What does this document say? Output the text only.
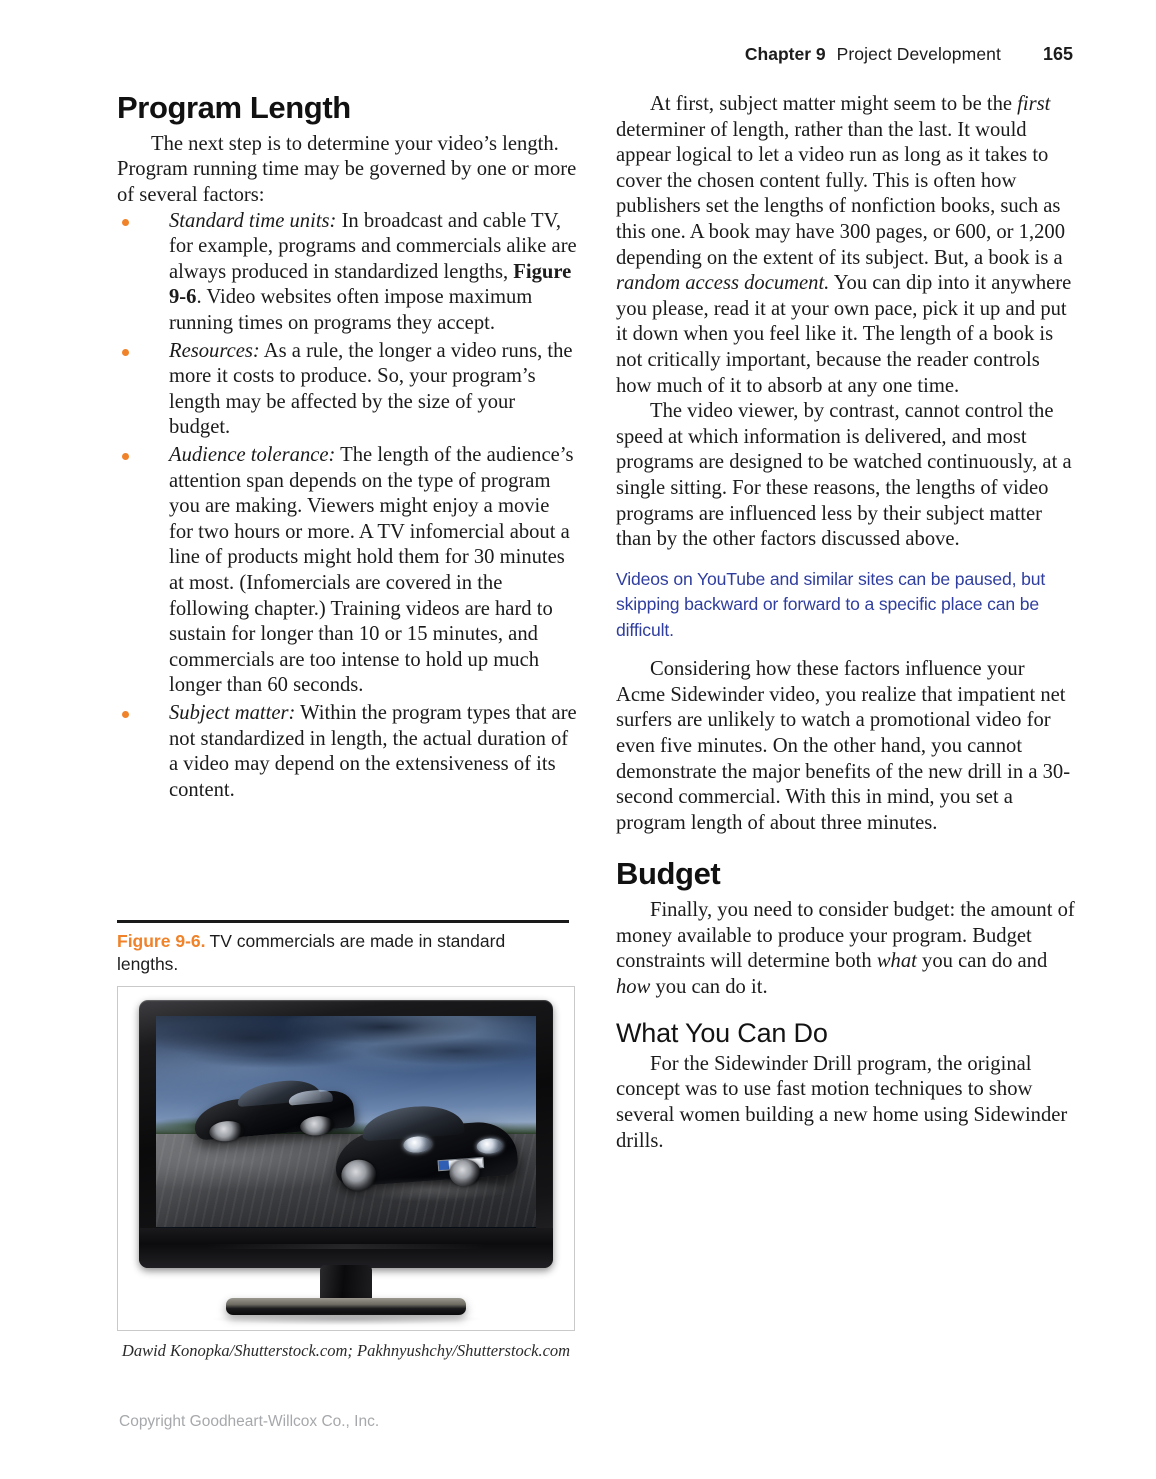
Chapter 9 Project Development 165
Program Length

The next step is to determine your video’s length. Program running time may be governed by one or more of several factors:

Standard time units: In broadcast and cable TV, for example, programs and commercials alike are always produced in standardized lengths, Figure 9-6. Video websites often impose maximum running times on programs they accept.
Resources: As a rule, the longer a video runs, the more it costs to produce. So, your program’s length may be affected by the size of your budget.
Audience tolerance: The length of the audience’s attention span depends on the type of program you are making. Viewers might enjoy a movie for two hours or more. A TV infomercial about a line of products might hold them for 30 minutes at most. (Infomercials are covered in the following chapter.) Training videos are hard to sustain for longer than 10 or 15 minutes, and commercials are too intense to hold up much longer than 60 seconds.
Subject matter: Within the program types that are not standardized in length, the actual duration of a video may depend on the extensiveness of its content.
Figure 9-6. TV commercials are made in standard lengths.
Dawid Konopka/Shutterstock.com; Pakhnyushchy/Shutterstock.com

At first, subject matter might seem to be the first determiner of length, rather than the last. It would appear logical to let a video run as long as it takes to cover the chosen content fully. This is often how publishers set the lengths of nonfiction books, such as this one. A book may have 300 pages, or 600, or 1,200 depending on the extent of its subject. But, a book is a random access document. You can dip into it anywhere you please, read it at your own pace, pick it up and put it down when you feel like it. The length of a book is not critically important, because the reader controls how much of it to absorb at any one time.

The video viewer, by contrast, cannot control the speed at which information is delivered, and most programs are designed to be watched continuously, at a single sitting. For these reasons, the lengths of video programs are influenced less by their subject matter than by the other factors discussed above.

Videos on YouTube and similar sites can be paused, but skipping backward or forward to a specific place can be difficult.

Considering how these factors influence your Acme Sidewinder video, you realize that impatient net surfers are unlikely to watch a promotional video for even five minutes. On the other hand, you cannot demonstrate the major benefits of the new drill in a 30-second commercial. With this in mind, you set a program length of about three minutes.

Budget

Finally, you need to consider budget: the amount of money available to produce your program. Budget constraints will determine both what you can do and how you can do it.

What You Can Do

For the Sidewinder Drill program, the original concept was to use fast motion techniques to show several women building a new home using Sidewinder drills.

Copyright Goodheart-Willcox Co., Inc.
